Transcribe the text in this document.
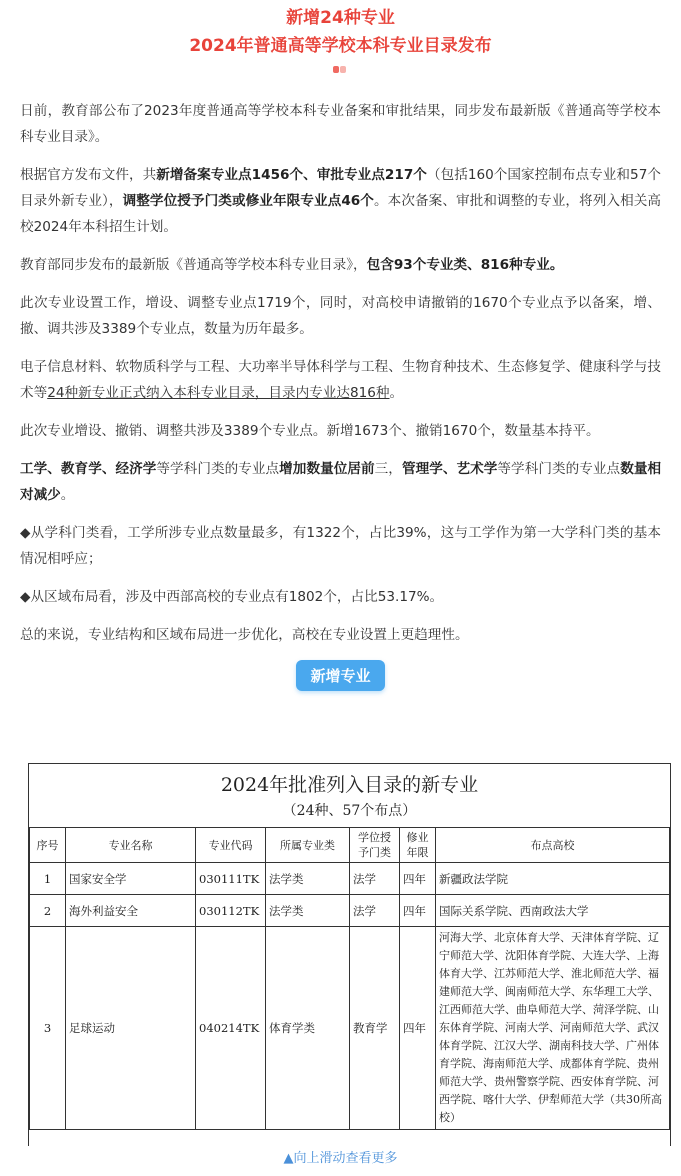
新增24种专业
2024年普通高等学校本科专业目录发布

日前，教育部公布了2023年度普通高等学校本科专业备案和审批结果，同步发布最新版《普通高等学校本科专业目录》。

根据官方发布文件，共新增备案专业点1456个、审批专业点217个（包括160个国家控制布点专业和57个目录外新专业），调整学位授予门类或修业年限专业点46个。本次备案、审批和调整的专业，将列入相关高校2024年本科招生计划。

教育部同步发布的最新版《普通高等学校本科专业目录》，包含93个专业类、816种专业。

此次专业设置工作，增设、调整专业点1719个，同时，对高校申请撤销的1670个专业点予以备案，增、撤、调共涉及3389个专业点，数量为历年最多。

电子信息材料、软物质科学与工程、大功率半导体科学与工程、生物育种技术、生态修复学、健康科学与技术等24种新专业正式纳入本科专业目录，目录内专业达816种。

此次专业增设、撤销、调整共涉及3389个专业点。新增1673个、撤销1670个，数量基本持平。

工学、教育学、经济学等学科门类的专业点增加数量位居前三，管理学、艺术学等学科门类的专业点数量相对减少。

◆从学科门类看，工学所涉专业点数量最多，有1322个，占比39%，这与工学作为第一大学科门类的基本情况相呼应；

◆从区域布局看，涉及中西部高校的专业点有1802个，占比53.17%。

总的来说，专业结构和区域布局进一步优化，高校在专业设置上更趋理性。

新增专业
2024年批准列入目录的新专业
（24种、57个布点）
序号	专业名称	专业代码	所属专业类	学位授予门类	修业年限	布点高校
1	国家安全学	030111TK	法学类	法学	四年	新疆政法学院
2	海外利益安全	030112TK	法学类	法学	四年	国际关系学院、西南政法大学
3	足球运动	040214TK	体育学类	教育学	四年	河海大学、北京体育大学、天津体育学院、辽宁师范大学、沈阳体育学院、大连大学、上海体育大学、江苏师范大学、淮北师范大学、福建师范大学、闽南师范大学、东华理工大学、江西师范大学、曲阜师范大学、菏泽学院、山东体育学院、河南大学、河南师范大学、武汉体育学院、江汉大学、湖南科技大学、广州体育学院、海南师范大学、成都体育学院、贵州师范大学、贵州警察学院、西安体育学院、河西学院、喀什大学、伊犁师范大学（共30所高校）
▲向上滑动查看更多
